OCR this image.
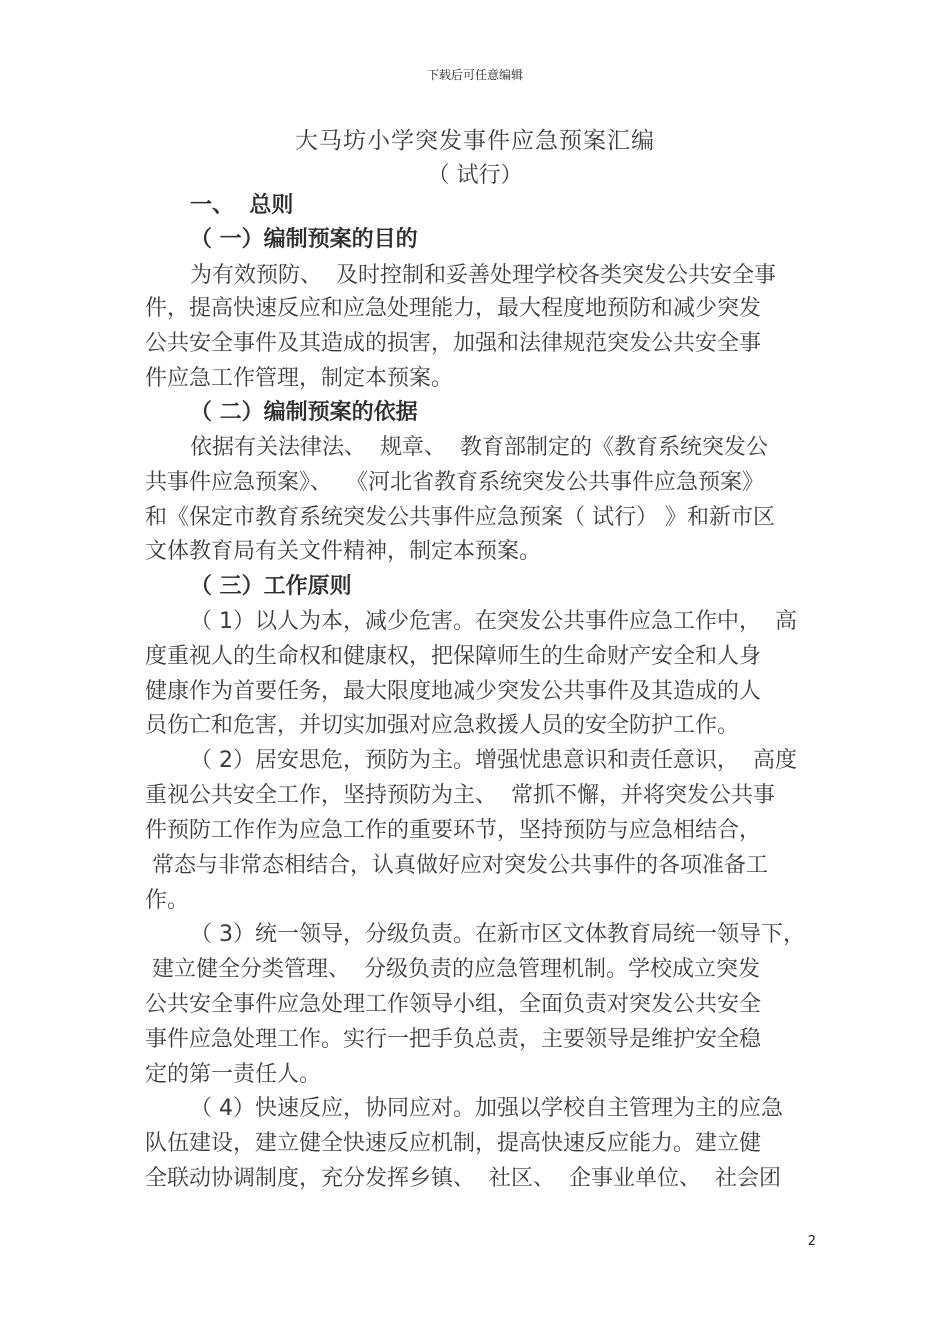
下载后可任意编辑
大马坊小学突发事件应急预案汇编
（ 试行）
一、  总则
（ 一）编制预案的目的
为有效预防、  及时控制和妥善处理学校各类突发公共安全事
件，提高快速反应和应急处理能力，最大程度地预防和减少突发
公共安全事件及其造成的损害，加强和法律规范突发公共安全事
件应急工作管理，制定本预案。
（ 二）编制预案的依据
依据有关法律法、  规章、  教育部制定的《教育系统突发公
共事件应急预案》、  《河北省教育系统突发公共事件应急预案》
和《保定市教育系统突发公共事件应急预案（ 试行） 》和新市区
文体教育局有关文件精神，制定本预案。
（ 三）工作原则
（ 1）以人为本，减少危害。在突发公共事件应急工作中，  高
度重视人的生命权和健康权，把保障师生的生命财产安全和人身
健康作为首要任务，最大限度地减少突发公共事件及其造成的人
员伤亡和危害，并切实加强对应急救援人员的安全防护工作。
（ 2）居安思危，预防为主。增强忧患意识和责任意识，  高度
重视公共安全工作，坚持预防为主、  常抓不懈，并将突发公共事
件预防工作作为应急工作的重要环节，坚持预防与应急相结合，
常态与非常态相结合，认真做好应对突发公共事件的各项准备工
作。
（ 3）统一领导，分级负责。在新市区文体教育局统一领导下，
建立健全分类管理、  分级负责的应急管理机制。学校成立突发
公共安全事件应急处理工作领导小组，全面负责对突发公共安全
事件应急处理工作。实行一把手负总责，主要领导是维护安全稳
定的第一责任人。
（ 4）快速反应，协同应对。加强以学校自主管理为主的应急
队伍建设，建立健全快速反应机制，提高快速反应能力。建立健
全联动协调制度，充分发挥乡镇、  社区、  企事业单位、  社会团
2
